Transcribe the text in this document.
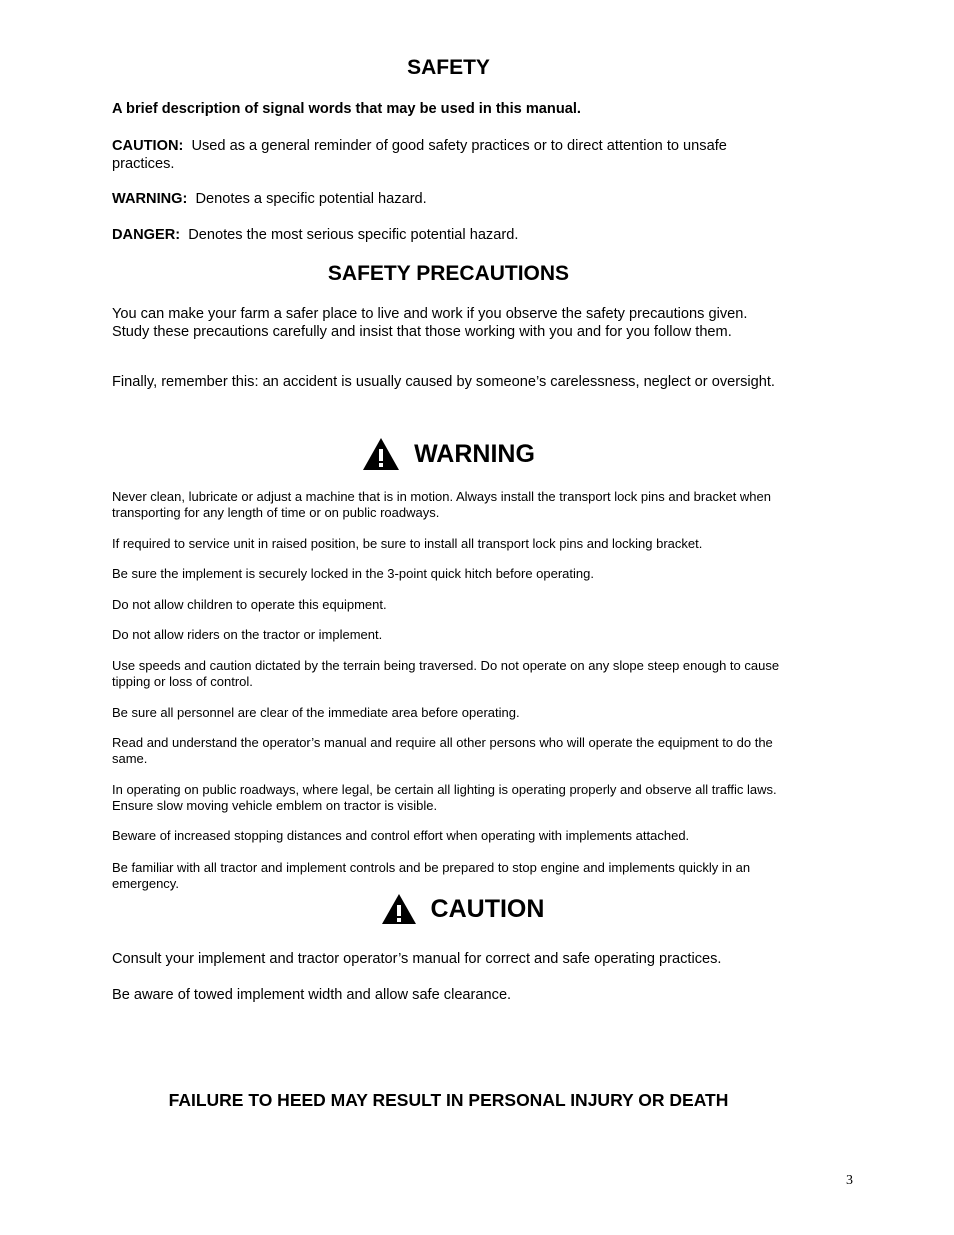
SAFETY
A brief description of signal words that may be used in this manual.
CAUTION: Used as a general reminder of good safety practices or to direct attention to unsafe practices.
WARNING: Denotes a specific potential hazard.
DANGER: Denotes the most serious specific potential hazard.
SAFETY PRECAUTIONS
You can make your farm a safer place to live and work if you observe the safety precautions given. Study these precautions carefully and insist that those working with you and for you follow them.
Finally, remember this: an accident is usually caused by someone’s carelessness, neglect or oversight.
WARNING
Never clean, lubricate or adjust a machine that is in motion. Always install the transport lock pins and bracket when transporting for any length of time or on public roadways.
If required to service unit in raised position, be sure to install all transport lock pins and locking bracket.
Be sure the implement is securely locked in the 3-point quick hitch before operating.
Do not allow children to operate this equipment.
Do not allow riders on the tractor or implement.
Use speeds and caution dictated by the terrain being traversed. Do not operate on any slope steep enough to cause tipping or loss of control.
Be sure all personnel are clear of the immediate area before operating.
Read and understand the operator’s manual and require all other persons who will operate the equipment to do the same.
In operating on public roadways, where legal, be certain all lighting is operating properly and observe all traffic laws. Ensure slow moving vehicle emblem on tractor is visible.
Beware of increased stopping distances and control effort when operating with implements attached.
Be familiar with all tractor and implement controls and be prepared to stop engine and implements quickly in an emergency.
CAUTION
Consult your implement and tractor operator’s manual for correct and safe operating practices.
Be aware of towed implement width and allow safe clearance.
FAILURE TO HEED MAY RESULT IN PERSONAL INJURY OR DEATH
3
